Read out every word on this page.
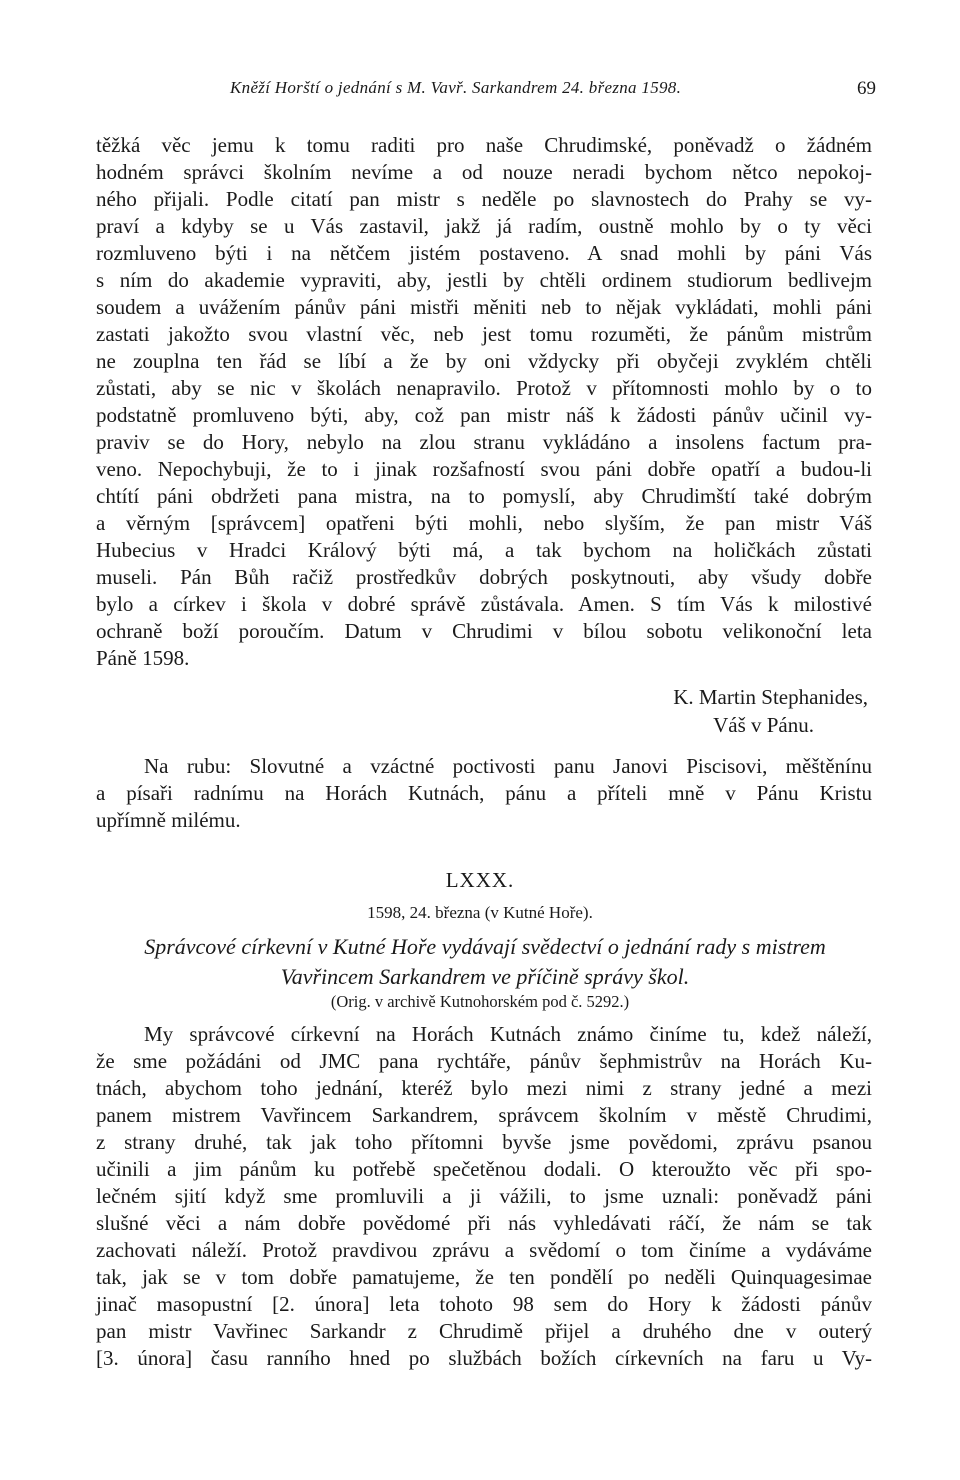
Kněží Horští o jednání s M. Vavř. Sarkandrem 24. března 1598.	69
těžká věc jemu k tomu raditi pro naše Chrudimské, poněvadž o žádném
hodném správci školním nevíme a od nouze neradi bychom nětco nepokoj-
ného přijali. Podle citatí pan mistr s neděle po slavnostech do Prahy se vy-
praví a kdyby se u Vás zastavil, jakž já radím, oustně mohlo by o ty věci
rozmluveno býti i na nětčem jistém postaveno. A snad mohli by páni Vás
s ním do akademie vypraviti, aby, jestli by chtěli ordinem studiorum bedlivejm
soudem a uvážením pánův páni mistři měniti neb to nějak vykládati, mohli páni
zastati jakožto svou vlastní věc, neb jest tomu rozuměti, že pánům mistrům
ne zouplna ten řád se líbí a že by oni vždycky při obyčeji zvyklém chtěli
zůstati, aby se nic v školách nenapravilo. Protož v přítomnosti mohlo by o to
podstatně promluveno býti, aby, což pan mistr náš k žádosti pánův učinil vy-
praviv se do Hory, nebylo na zlou stranu vykládáno a insolens factum pra-
veno. Nepochybuji, že to i jinak rozšafností svou páni dobře opatří a budou-li
chtítí páni obdržeti pana mistra, na to pomyslí, aby Chrudimští také dobrým
a věrným [správcem] opatřeni býti mohli, nebo slyším, že pan mistr Váš
Hubecius v Hradci Králový býti má, a tak bychom na holičkách zůstati
museli. Pán Bůh račiž prostředkův dobrých poskytnouti, aby všudy dobře
bylo a církev i škola v dobré správě zůstávala. Amen. S tím Vás k milostivé
ochraně boží poroučím. Datum v Chrudimi v bílou sobotu velikonoční leta
Páně 1598.
K. Martin Stephanides,
Váš v Pánu.
Na rubu: Slovutné a vzáctné poctivosti panu Janovi Piscisovi, měštěnínu
a písaři radnímu na Horách Kutnách, pánu a příteli mně v Pánu Kristu
upřímně milému.
LXXX.
1598, 24. března (v Kutné Hoře).
Správcové církevní v Kutné Hoře vydávají svědectví o jednání rady s mistrem
Vavřincem Sarkandrem ve příčině správy škol.
(Orig. v archivě Kutnohorském pod č. 5292.)
My správcové církevní na Horách Kutnách známo činíme tu, kdež náleží,
že sme požádáni od JMC pana rychtáře, pánův šephmistrův na Horách Ku-
tnách, abychom toho jednání, kteréž bylo mezi nimi z strany jedné a mezi
panem mistrem Vavřincem Sarkandrem, správcem školním v městě Chrudimi,
z strany druhé, tak jak toho přítomni byvše jsme povědomi, zprávu psanou
učinili a jim pánům ku potřebě spečetěnou dodali. O kteroužto věc při spo-
lečném sjití když sme promluvili a ji vážili, to jsme uznali: poněvadž páni
slušné věci a nám dobře povědomé při nás vyhledávati ráčí, že nám se tak
zachovati náleží. Protož pravdivou zprávu a svědomí o tom činíme a vydáváme
tak, jak se v tom dobře pamatujeme, že ten pondělí po neděli Quinquagesimae
jinač masopustní [2. února] leta tohoto 98 sem do Hory k žádosti pánův
pan mistr Vavřinec Sarkandr z Chrudimě přijel a druhého dne v outerý
[3. února] času ranního hned po službách božích církevních na faru u Vy-
